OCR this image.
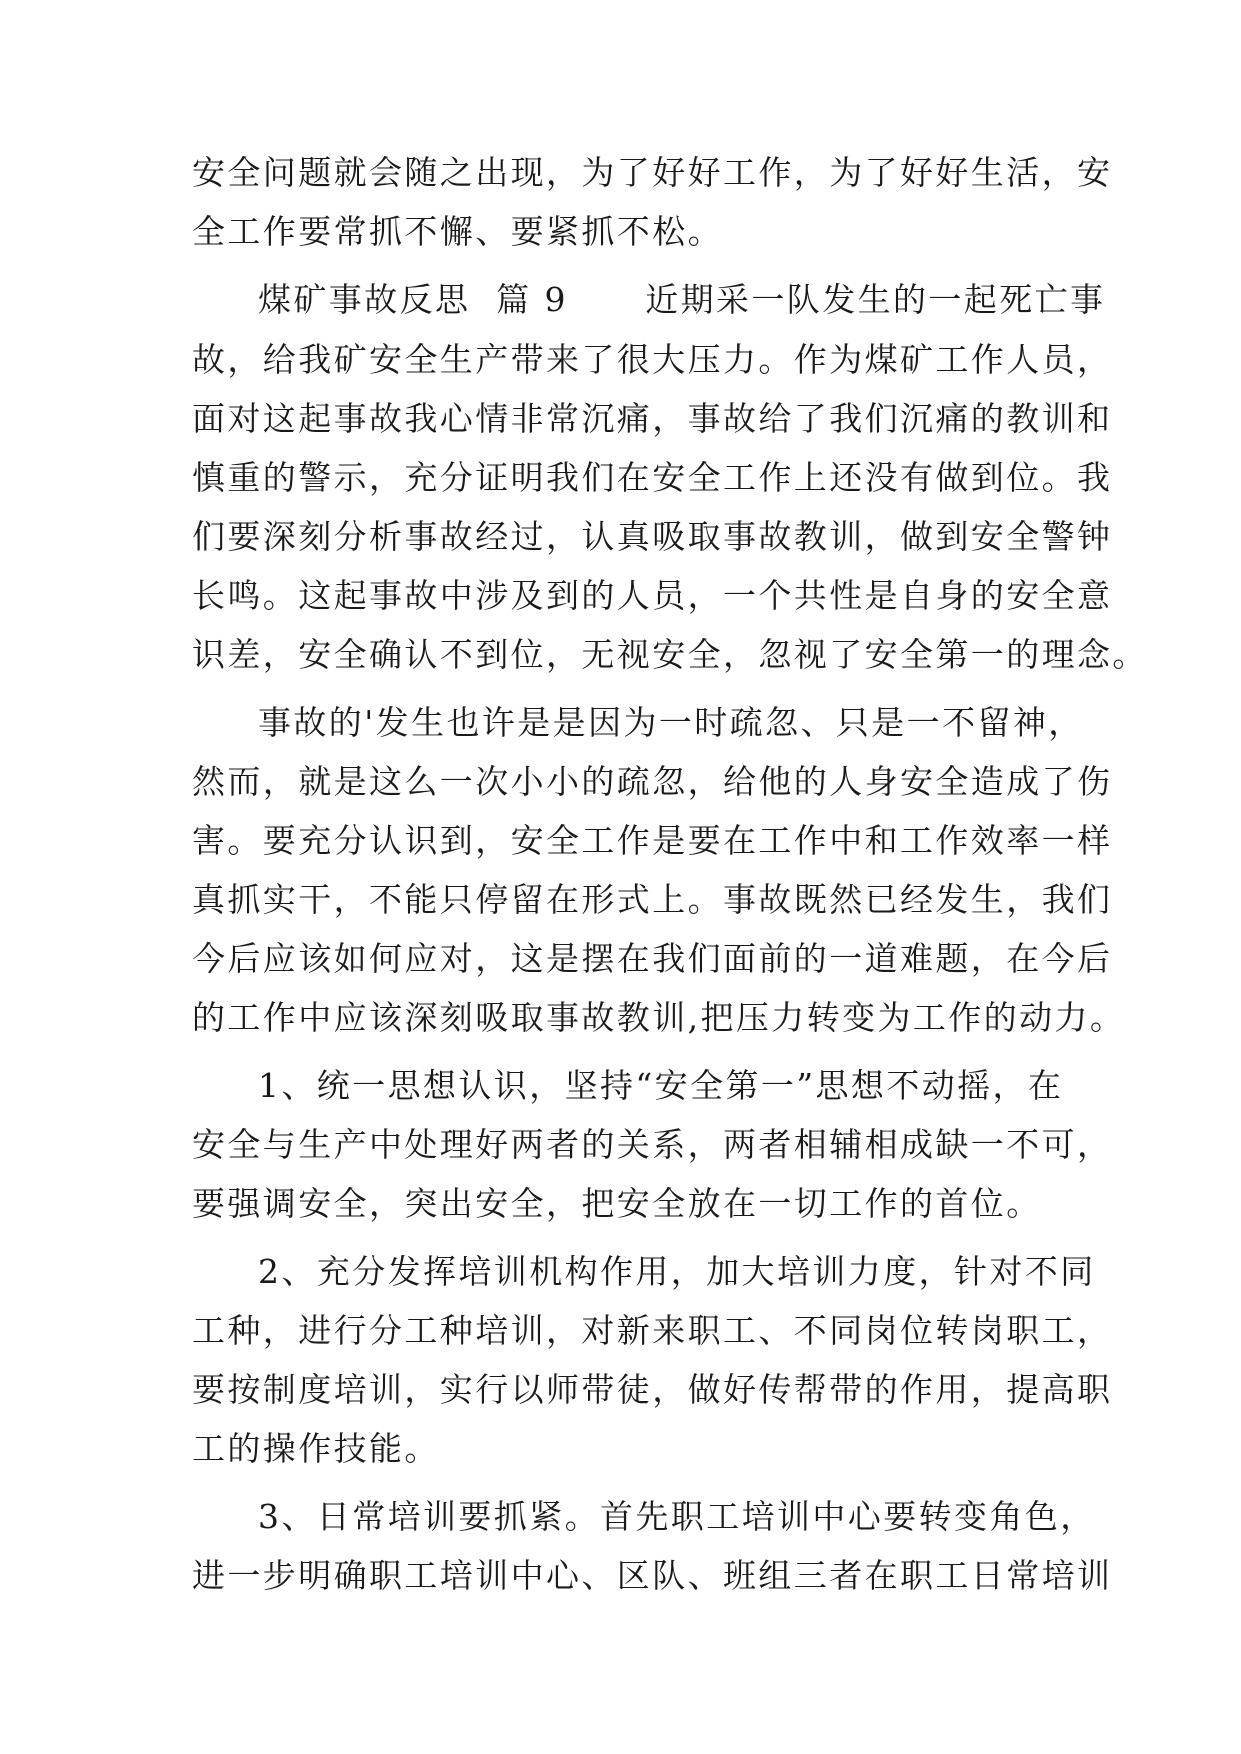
安全问题就会随之出现，为了好好工作，为了好好生活，安
全工作要常抓不懈、要紧抓不松。
煤矿事故反思  篇 9      近期采一队发生的一起死亡事
故，给我矿安全生产带来了很大压力。作为煤矿工作人员，
面对这起事故我心情非常沉痛，事故给了我们沉痛的教训和
慎重的警示，充分证明我们在安全工作上还没有做到位。我
们要深刻分析事故经过，认真吸取事故教训，做到安全警钟
长鸣。这起事故中涉及到的人员，一个共性是自身的安全意
识差，安全确认不到位，无视安全，忽视了安全第一的理念。
事故的'发生也许是是因为一时疏忽、只是一不留神，
然而，就是这么一次小小的疏忽，给他的人身安全造成了伤
害。要充分认识到，安全工作是要在工作中和工作效率一样
真抓实干，不能只停留在形式上。事故既然已经发生，我们
今后应该如何应对，这是摆在我们面前的一道难题，在今后
的工作中应该深刻吸取事故教训,把压力转变为工作的动力。
1、统一思想认识，坚持“安全第一”思想不动摇，在
安全与生产中处理好两者的关系，两者相辅相成缺一不可，
要强调安全，突出安全，把安全放在一切工作的首位。
2、充分发挥培训机构作用，加大培训力度，针对不同
工种，进行分工种培训，对新来职工、不同岗位转岗职工，
要按制度培训，实行以师带徒，做好传帮带的作用，提高职
工的操作技能。
3、日常培训要抓紧。首先职工培训中心要转变角色，
进一步明确职工培训中心、区队、班组三者在职工日常培训
